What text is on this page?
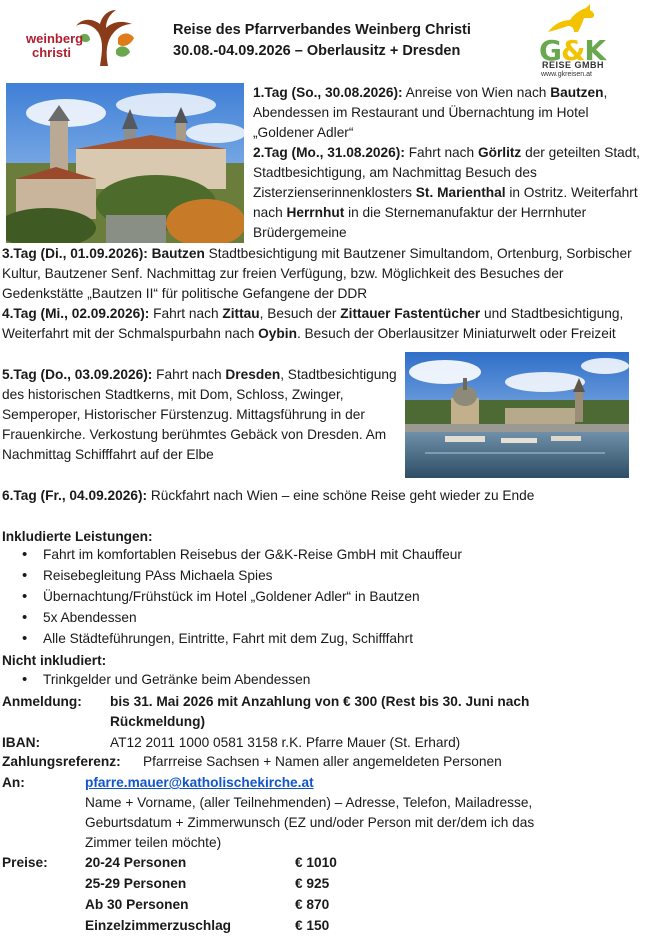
weinberg
christi
Reise des Pfarrverbandes Weinberg Christi
30.08.-04.09.2026 – Oberlausitz + Dresden	G&K
REISE GMBH
www.gkreisen.at
1.Tag (So., 30.08.2026): Anreise von Wien nach Bautzen, Abendessen im Restaurant und Übernachtung im Hotel „Goldener Adler“
2.Tag (Mo., 31.08.2026): Fahrt nach Görlitz der geteilten Stadt, Stadtbesichtigung, am Nachmittag Besuch des Zisterzienserinnenklosters St. Marienthal in Ostritz. Weiterfahrt nach Herrnhut in die Sternemanufaktur der Herrnhuter Brüdergemeine
3.Tag (Di., 01.09.2026): Bautzen Stadtbesichtigung mit Bautzener Simultandom, Ortenburg, Sorbischer Kultur, Bautzener Senf. Nachmittag zur freien Verfügung, bzw. Möglichkeit des Besuches der Gedenkstätte „Bautzen II“ für politische Gefangene der DDR
4.Tag (Mi., 02.09.2026): Fahrt nach Zittau, Besuch der Zittauer Fastentücher und Stadtbesichtigung, Weiterfahrt mit der Schmalspurbahn nach Oybin. Besuch der Oberlausitzer Miniaturwelt oder Freizeit
5.Tag (Do., 03.09.2026): Fahrt nach Dresden, Stadtbesichtigung des historischen Stadtkerns, mit Dom, Schloss, Zwinger, Semperoper, Historischer Fürstenzug. Mittagsführung in der Frauenkirche. Verkostung berühmtes Gebäck von Dresden. Am Nachmittag Schifffahrt auf der Elbe
6.Tag (Fr., 04.09.2026): Rückfahrt nach Wien – eine schöne Reise geht wieder zu Ende
Inkludierte Leistungen:
• Fahrt im komfortablen Reisebus der G&K-Reise GmbH mit Chauffeur
• Reisebegleitung PAss Michaela Spies
• Übernachtung/Frühstück im Hotel „Goldener Adler“ in Bautzen
• 5x Abendessen
• Alle Städteführungen, Eintritte, Fahrt mit dem Zug, Schifffahrt
Nicht inkludiert:
• Trinkgelder und Getränke beim Abendessen
Anmeldung: bis 31. Mai 2026 mit Anzahlung von € 300 (Rest bis 30. Juni nach
Rückmeldung)
IBAN:	AT12 2011 1000 0581 3158 r.K. Pfarre Mauer (St. Erhard)
Zahlungsreferenz: Pfarrreise Sachsen + Namen aller angemeldeten Personen
An:	pfarre.mauer@katholischekirche.at
Name + Vorname, (aller Teilnehmenden) – Adresse, Telefon, Mailadresse,
Geburtsdatum + Zimmerwunsch (EZ und/oder Person mit der/dem ich das
Zimmer teilen möchte)
Preise:	20-24 Personen	€ 1010
25-29 Personen	€ 925
Ab 30 Personen	€ 870
Einzelzimmerzuschlag	€ 150
